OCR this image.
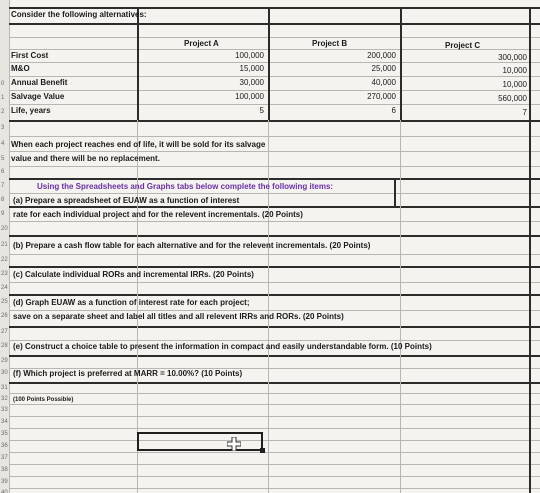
Consider the following alternatives:
Project A	Project B	Project C
First Cost
M&O
Annual Benefit
Salvage Value
Life, years
100,000
15,000
30,000
100,000
5
200,000
25,000
40,000
270,000
6
300,000
10,000
10,000
560,000
7
When each project reaches end of life, it will be sold for its salvage
value and there will be no replacement.
Using the Spreadsheets and Graphs tabs below complete the following items:
(a) Prepare a spreadsheet of EUAW as a function of interest
rate for each individual project and for the relevent incrementals. (20 Points)
(b) Prepare a cash flow table for each alternative and for the relevent incrementals. (20 Points)
(c) Calculate individual RORs and incremental IRRs. (20 Points)
(d) Graph EUAW as a function of interest rate for each project;
save on a separate sheet and label all titles and all relevent IRRs and RORs. (20 Points)
(e) Construct a choice table to present the information in compact and easily understandable form. (10 Points)
(f) Which project is preferred at MARR = 10.00%? (10 Points)
(100 Points Possible)
0
1
2
3
4
5
6
7
8
9
20
21
22
23
24
25
26
27
28
29
30
31
32
33
34
35
36
37
38
39
40
